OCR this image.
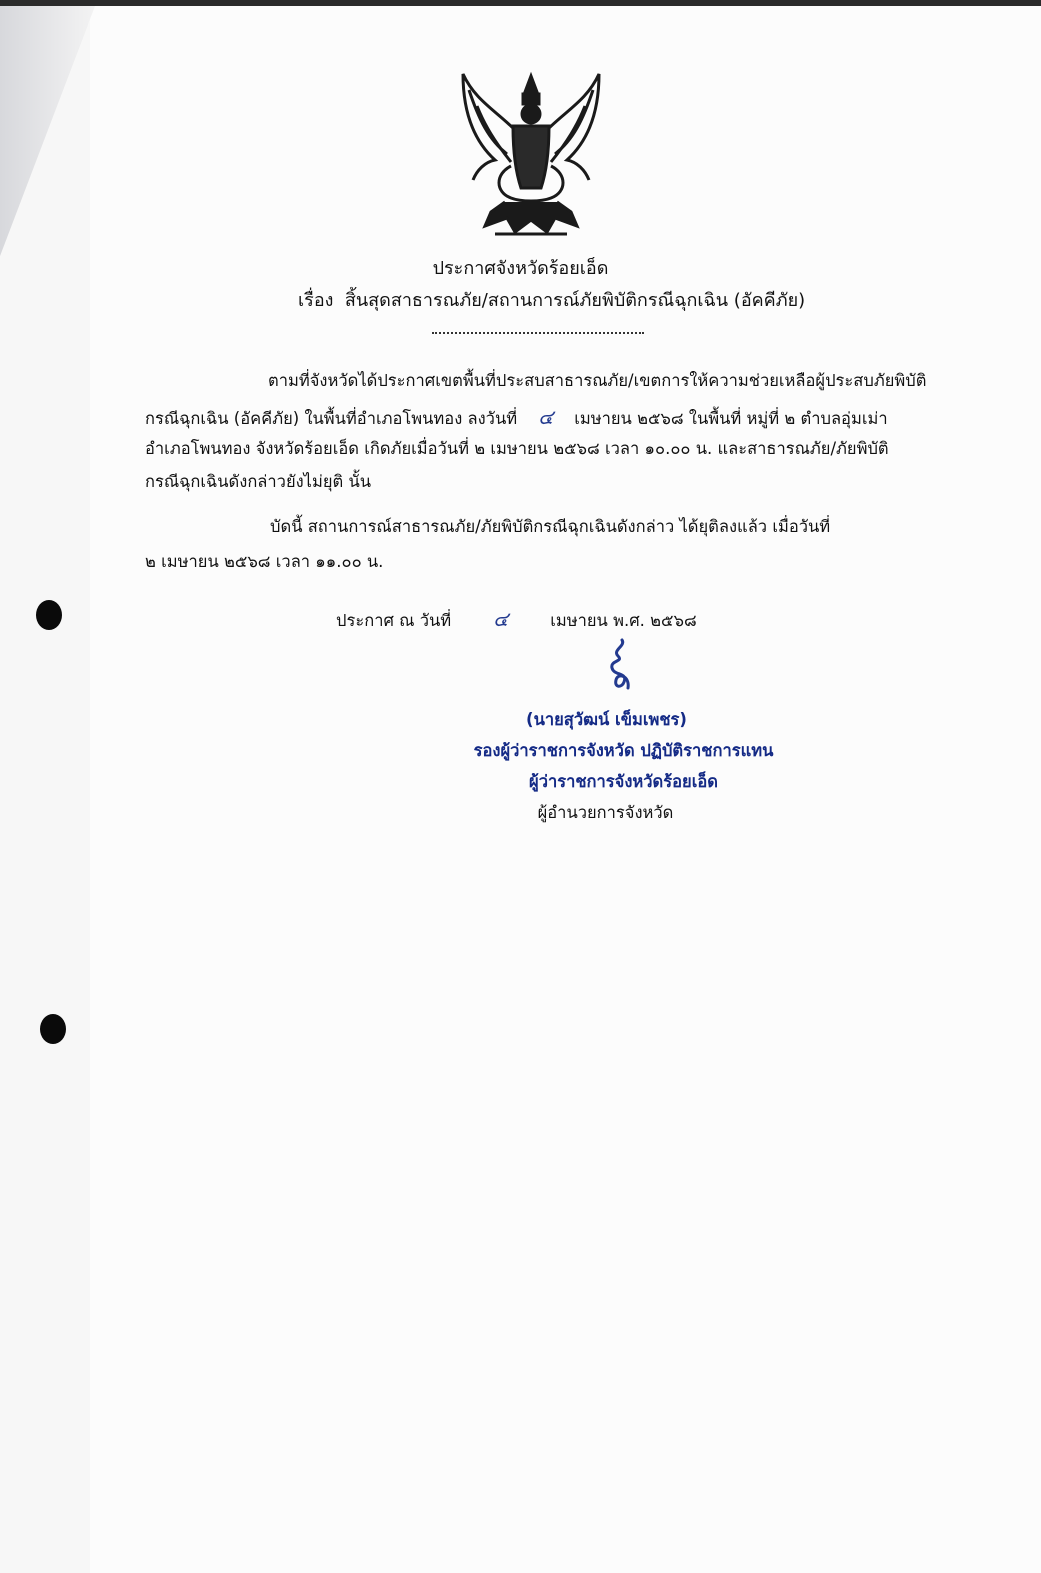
ประกาศจังหวัดร้อยเอ็ด
เรื่อง สิ้นสุดสาธารณภัย/สถานการณ์ภัยพิบัติกรณีฉุกเฉิน (อัคคีภัย)
ตามที่จังหวัดได้ประกาศเขตพื้นที่ประสบสาธารณภัย/เขตการให้ความช่วยเหลือผู้ประสบภัยพิบัติ
กรณีฉุกเฉิน (อัคคีภัย) ในพื้นที่อำเภอโพนทอง ลงวันที่ ๔ เมษายน ๒๕๖๘ ในพื้นที่ หมู่ที่ ๒ ตำบลอุ่มเม่า
อำเภอโพนทอง จังหวัดร้อยเอ็ด เกิดภัยเมื่อวันที่ ๒ เมษายน ๒๕๖๘ เวลา ๑๐.๐๐ น. และสาธารณภัย/ภัยพิบัติ
กรณีฉุกเฉินดังกล่าวยังไม่ยุติ นั้น
บัดนี้ สถานการณ์สาธารณภัย/ภัยพิบัติกรณีฉุกเฉินดังกล่าว ได้ยุติลงแล้ว เมื่อวันที่
๒ เมษายน ๒๕๖๘ เวลา ๑๑.๐๐ น.
ประกาศ ณ วันที่ ๔	เมษายน พ.ศ. ๒๕๖๘
(นายสุวัฒน์ เข็มเพชร)
รองผู้ว่าราชการจังหวัด ปฏิบัติราชการแทน
ผู้ว่าราชการจังหวัดร้อยเอ็ด
ผู้อำนวยการจังหวัด
